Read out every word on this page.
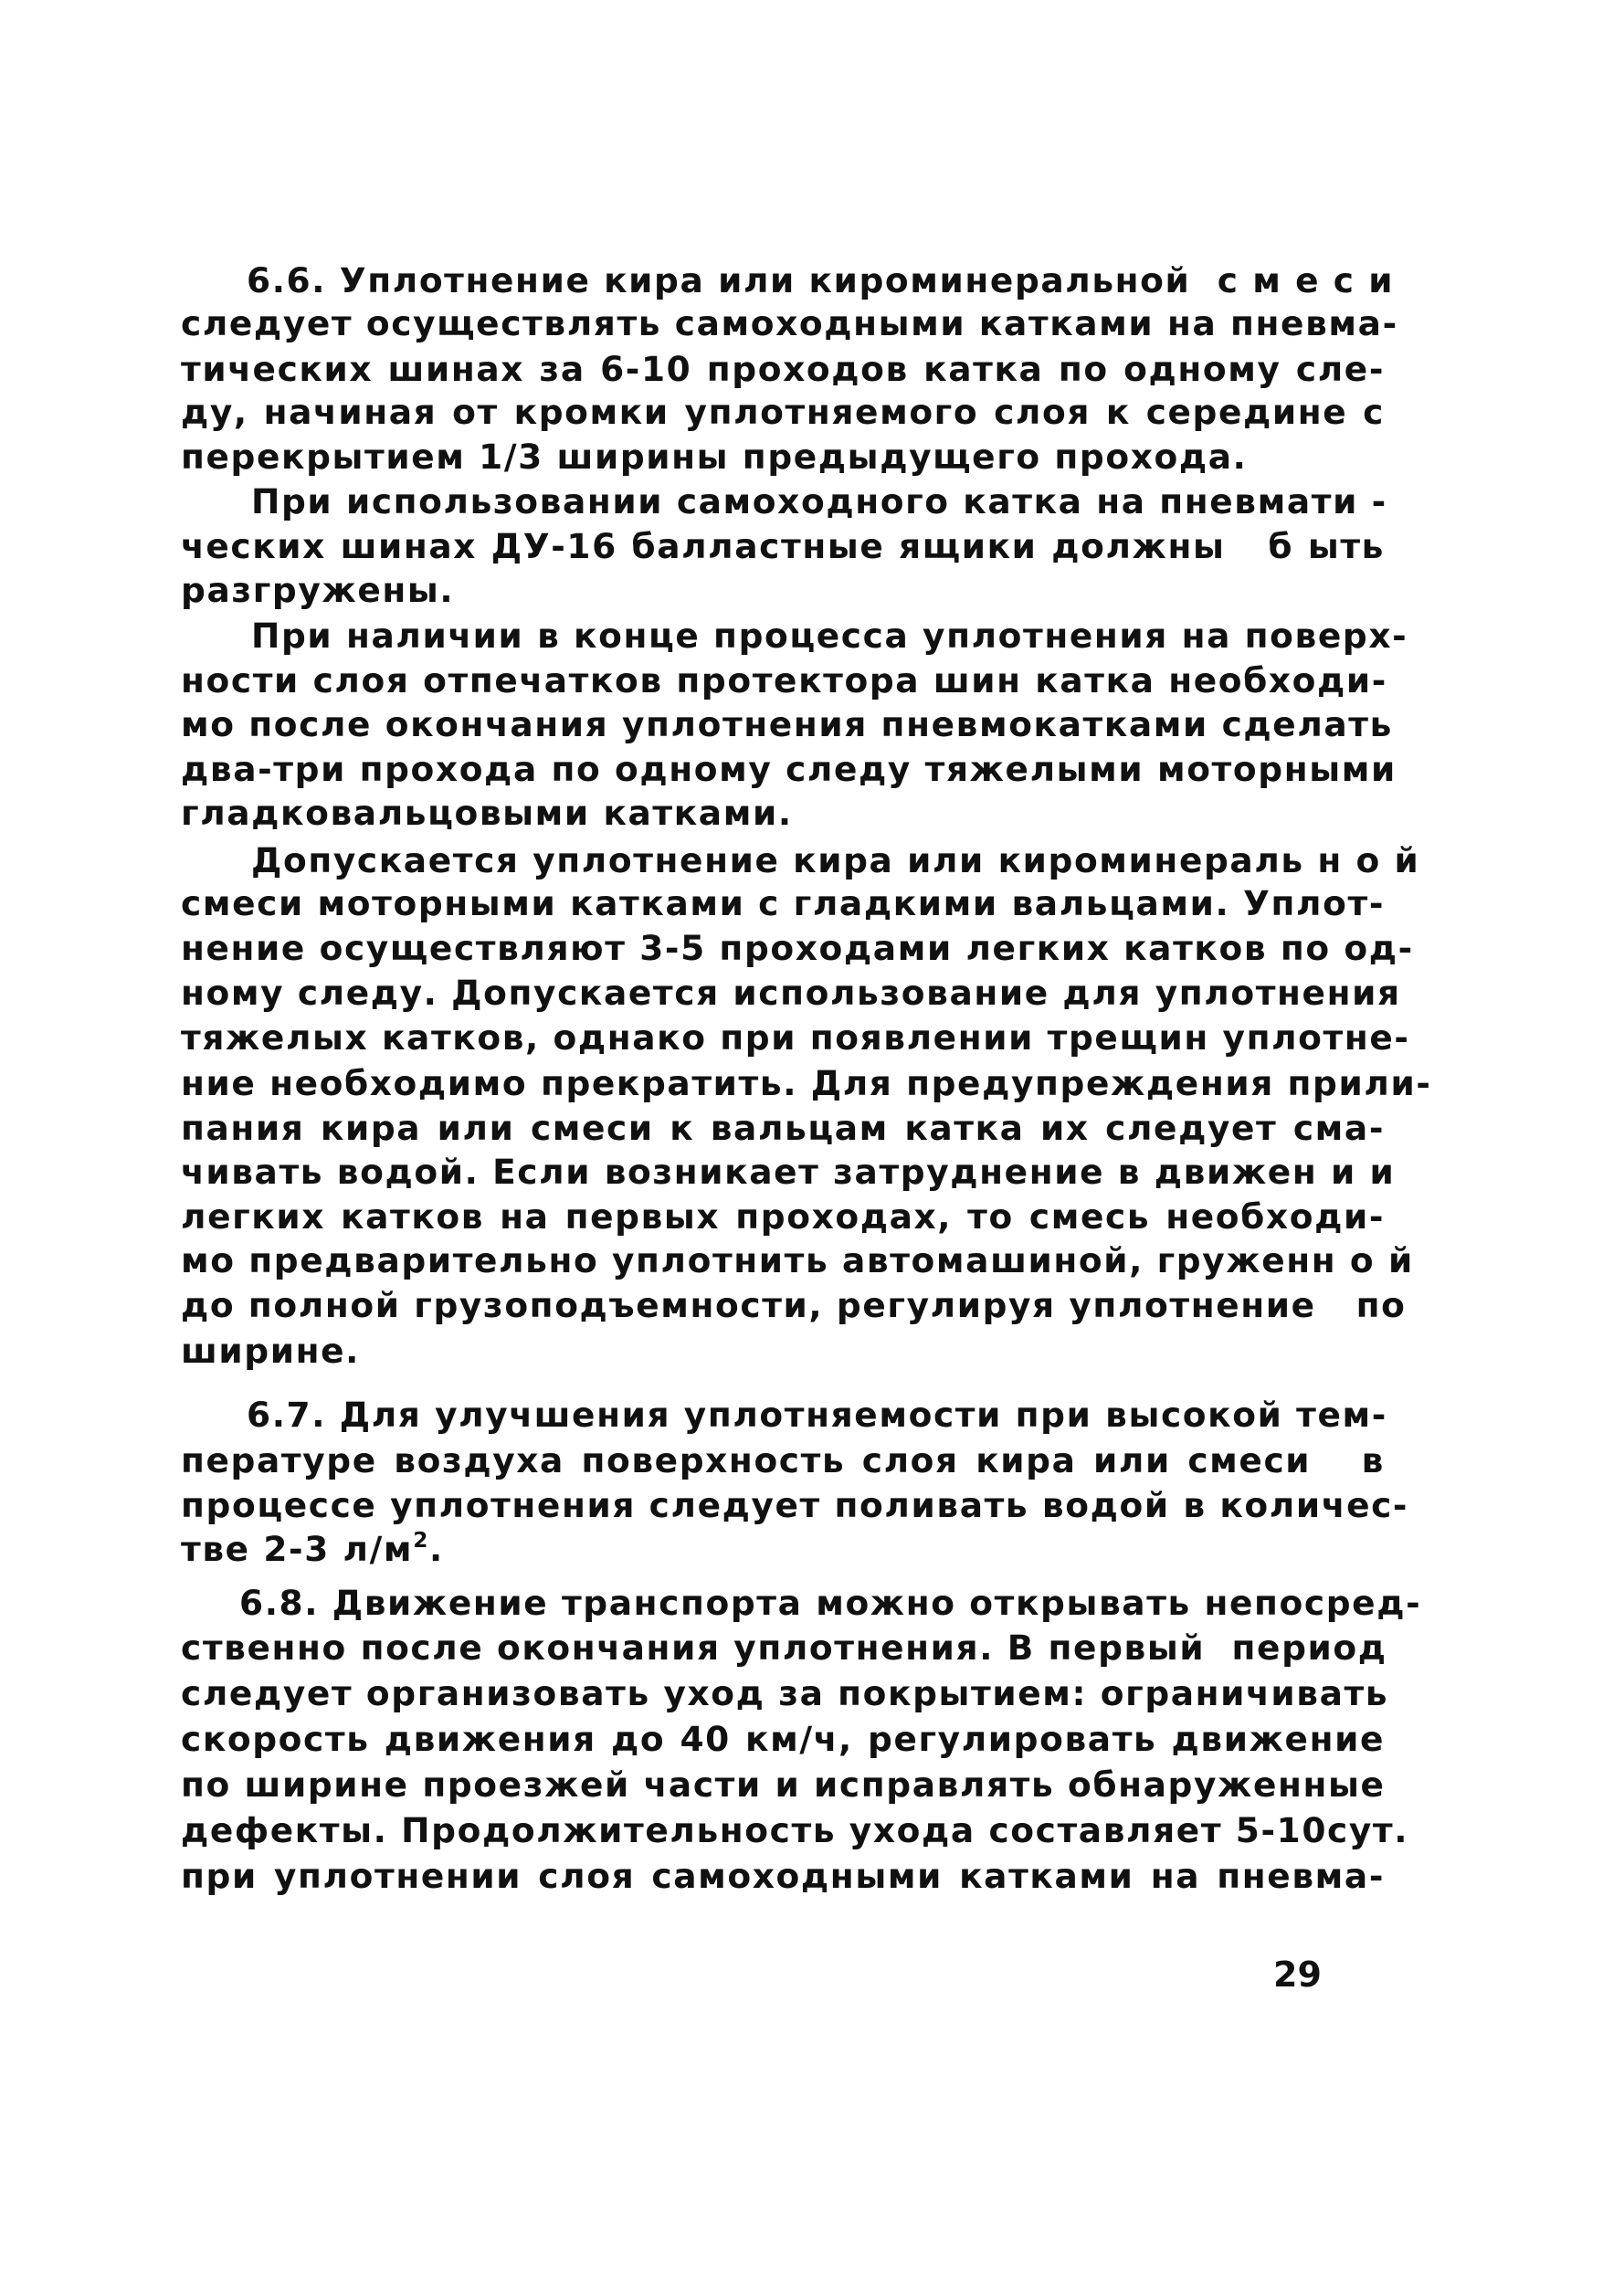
6.6. Уплотнение кира или кироминеральной  с м е с и
следует осуществлять самоходными катками на пневма-
тических шинах за 6-10 проходов катка по одному сле-
ду, начиная от кромки уплотняемого слоя к середине с
перекрытием 1/3 ширины предыдущего прохода.
При использовании самоходного катка на пневмати -
ческих шинах ДУ-16 балластные ящики должны   б ыть
разгружены.
При наличии в конце процесса уплотнения на поверх-
ности слоя отпечатков протектора шин катка необходи-
мо после окончания уплотнения пневмокатками сделать
два-три прохода по одному следу тяжелыми моторными
гладковальцовыми катками.
Допускается уплотнение кира или кироминераль н о й
смеси моторными катками с гладкими вальцами. Уплот-
нение осуществляют 3-5 проходами легких катков по од-
ному следу. Допускается использование для уплотнения
тяжелых катков, однако при появлении трещин уплотне-
ние необходимо прекратить. Для предупреждения прили-
пания кира или смеси к вальцам катка их следует сма-
чивать водой. Если возникает затруднение в движен и и
легких катков на первых проходах, то смесь необходи-
мо предварительно уплотнить автомашиной, груженн о й
до полной грузоподъемности, регулируя уплотнение   по
ширине.
6.7. Для улучшения уплотняемости при высокой тем-
пературе воздуха поверхность слоя кира или смеси   в
процессе уплотнения следует поливать водой в количес-
тве 2-3 $л/м^2$.
6.8. Движение транспорта можно открывать непосред-
ственно после окончания уплотнения. В первый  период
следует организовать уход за покрытием: ограничивать
скорость движения до 40 км/ч, регулировать движение
по ширине проезжей части и исправлять обнаруженные
дефекты. Продолжительность ухода составляет 5-10сут.
при уплотнении слоя самоходными катками на пневма-
29
